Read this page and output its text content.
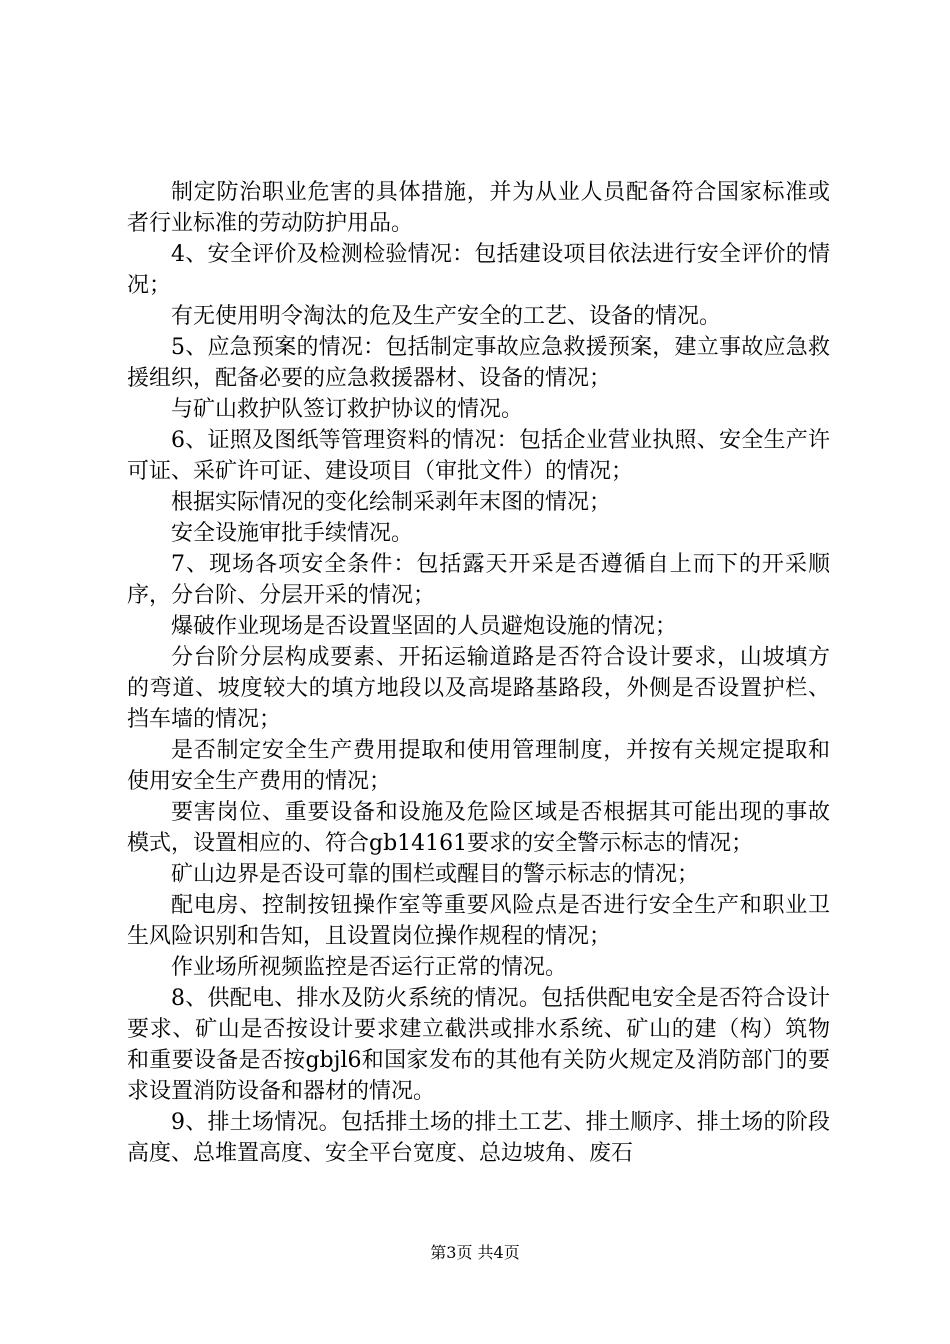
制定防治职业危害的具体措施，并为从业人员配备符合国家标准或者行业标准的劳动防护用品。

4、安全评价及检测检验情况：包括建设项目依法进行安全评价的情况；

有无使用明令淘汰的危及生产安全的工艺、设备的情况。

5、应急预案的情况：包括制定事故应急救援预案，建立事故应急救援组织，配备必要的应急救援器材、设备的情况；

与矿山救护队签订救护协议的情况。

6、证照及图纸等管理资料的情况：包括企业营业执照、安全生产许可证、采矿许可证、建设项目（审批文件）的情况；

根据实际情况的变化绘制采剥年末图的情况；

安全设施审批手续情况。

7、现场各项安全条件：包括露天开采是否遵循自上而下的开采顺序，分台阶、分层开采的情况；

爆破作业现场是否设置坚固的人员避炮设施的情况；

分台阶分层构成要素、开拓运输道路是否符合设计要求，山坡填方的弯道、坡度较大的填方地段以及高堤路基路段，外侧是否设置护栏、挡车墙的情况；

是否制定安全生产费用提取和使用管理制度，并按有关规定提取和使用安全生产费用的情况；

要害岗位、重要设备和设施及危险区域是否根据其可能出现的事故模式，设置相应的、符合gb14161要求的安全警示标志的情况；

矿山边界是否设可靠的围栏或醒目的警示标志的情况；

配电房、控制按钮操作室等重要风险点是否进行安全生产和职业卫生风险识别和告知，且设置岗位操作规程的情况；

作业场所视频监控是否运行正常的情况。

8、供配电、排水及防火系统的情况。包括供配电安全是否符合设计要求、矿山是否按设计要求建立截洪或排水系统、矿山的建（构）筑物和重要设备是否按gbjl6和国家发布的其他有关防火规定及消防部门的要求设置消防设备和器材的情况。

9、排土场情况。包括排土场的排土工艺、排土顺序、排土场的阶段高度、总堆置高度、安全平台宽度、总边坡角、废石

第3页 共4页
